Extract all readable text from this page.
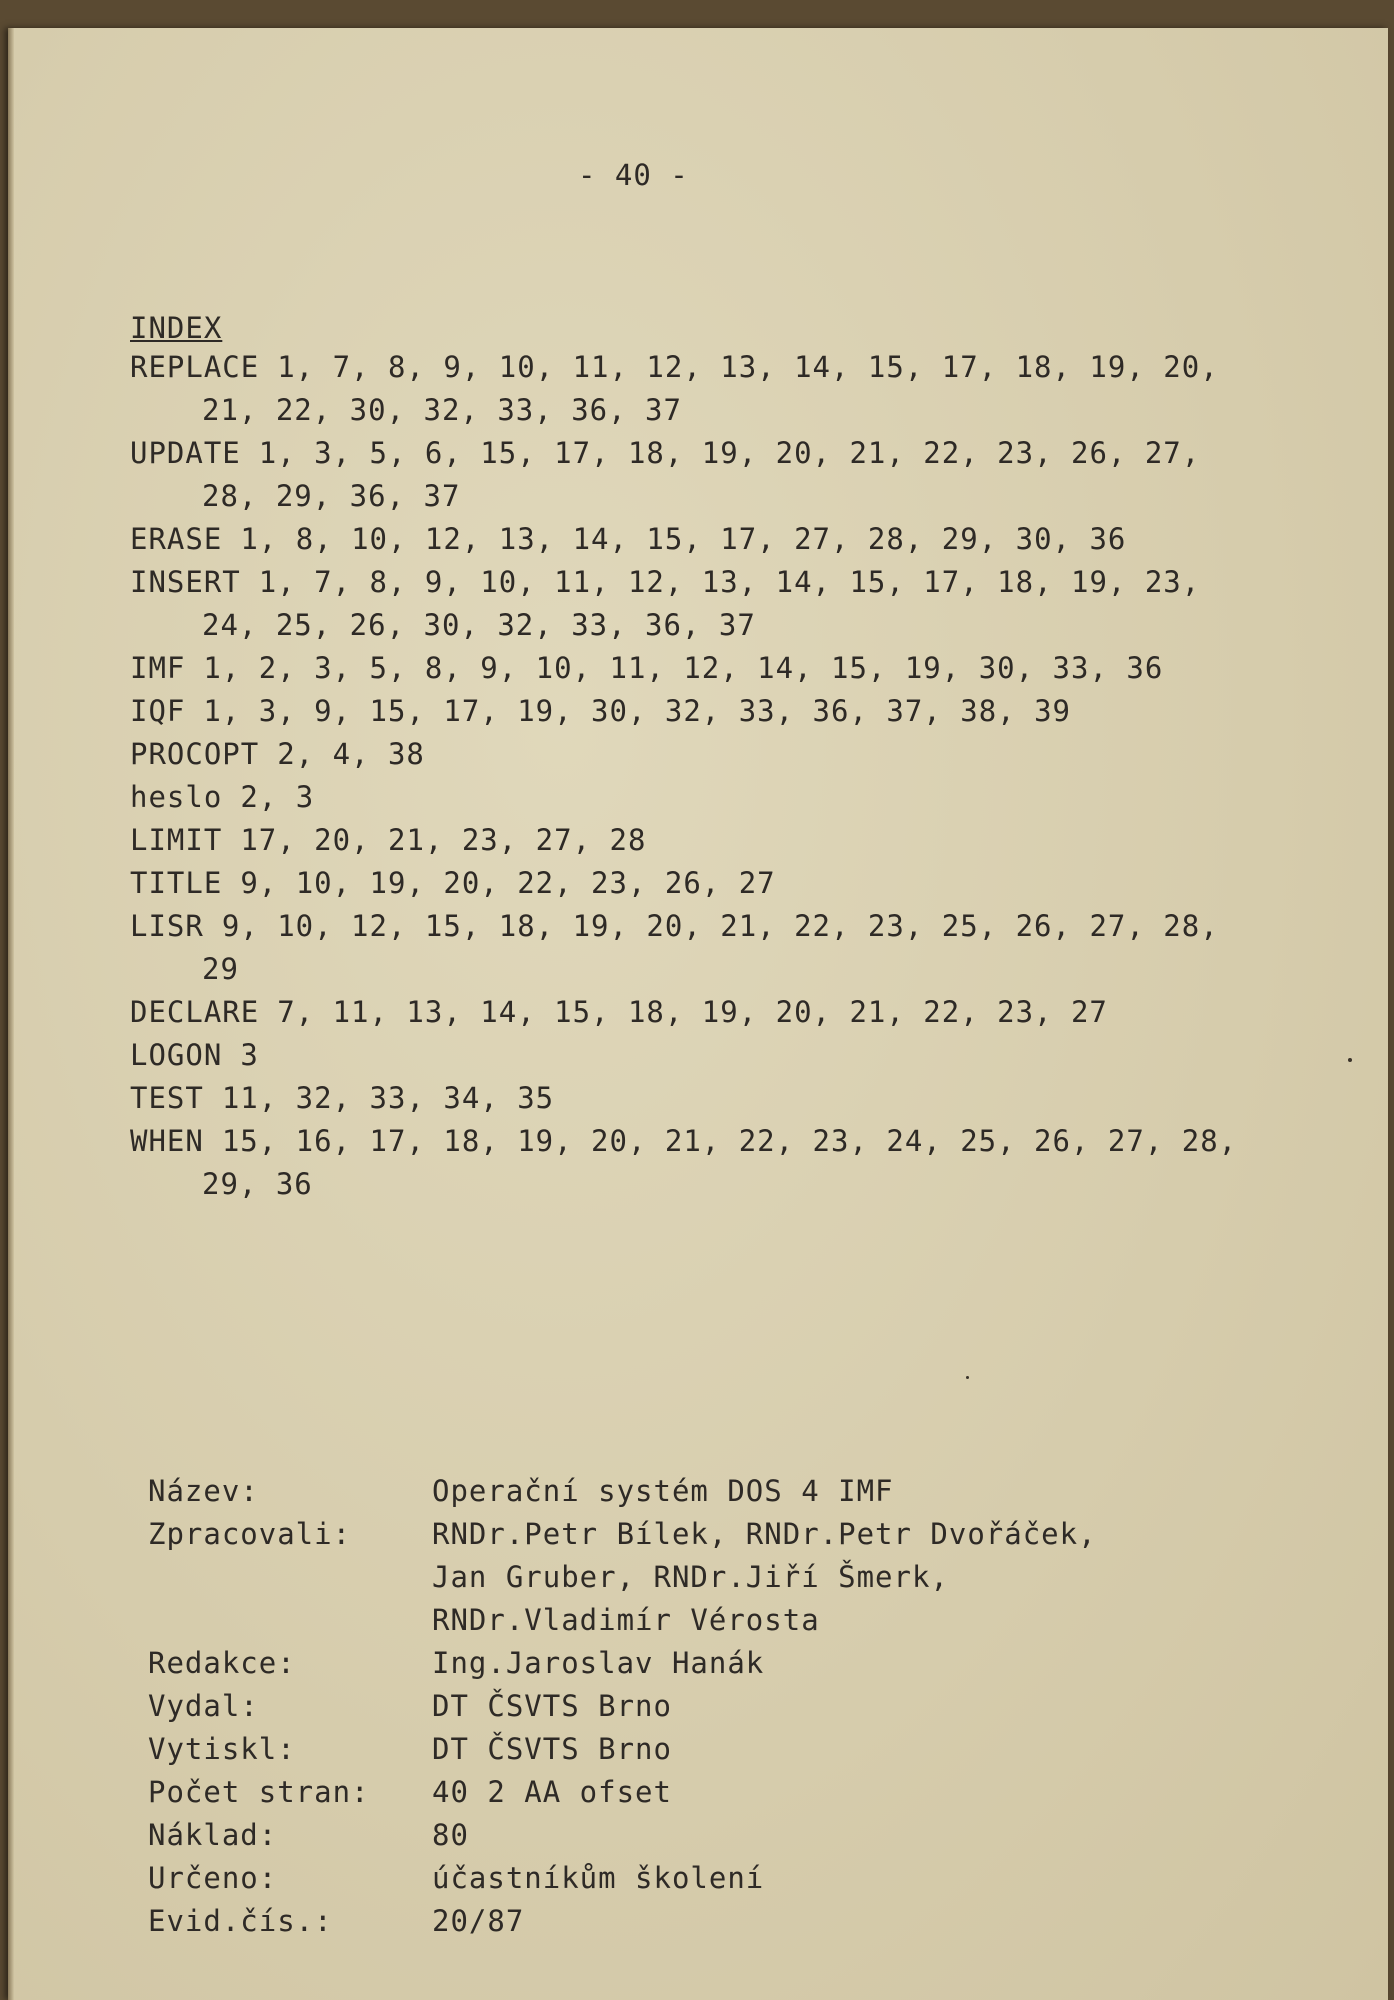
- 40 -
INDEX
REPLACE 1, 7, 8, 9, 10, 11, 12, 13, 14, 15, 17, 18, 19, 20,
21, 22, 30, 32, 33, 36, 37
UPDATE 1, 3, 5, 6, 15, 17, 18, 19, 20, 21, 22, 23, 26, 27,
28, 29, 36, 37
ERASE 1, 8, 10, 12, 13, 14, 15, 17, 27, 28, 29, 30, 36
INSERT 1, 7, 8, 9, 10, 11, 12, 13, 14, 15, 17, 18, 19, 23,
24, 25, 26, 30, 32, 33, 36, 37
IMF 1, 2, 3, 5, 8, 9, 10, 11, 12, 14, 15, 19, 30, 33, 36
IQF 1, 3, 9, 15, 17, 19, 30, 32, 33, 36, 37, 38, 39
PROCOPT 2, 4, 38
heslo 2, 3
LIMIT 17, 20, 21, 23, 27, 28
TITLE 9, 10, 19, 20, 22, 23, 26, 27
LISR 9, 10, 12, 15, 18, 19, 20, 21, 22, 23, 25, 26, 27, 28,
29
DECLARE 7, 11, 13, 14, 15, 18, 19, 20, 21, 22, 23, 27
LOGON 3
TEST 11, 32, 33, 34, 35
WHEN 15, 16, 17, 18, 19, 20, 21, 22, 23, 24, 25, 26, 27, 28,
29, 36
Název:	Operační systém DOS 4 IMF
Zpracovali:	RNDr.Petr Bílek, RNDr.Petr Dvořáček,
Jan Gruber, RNDr.Jiří Šmerk,
RNDr.Vladimír Vérosta
Redakce:	Ing.Jaroslav Hanák
Vydal:	DT ČSVTS Brno
Vytiskl:	DT ČSVTS Brno
Počet stran:	40 2 AA ofset
Náklad:	80
Určeno:	účastníkům školení
Evid.čís.:	20/87
